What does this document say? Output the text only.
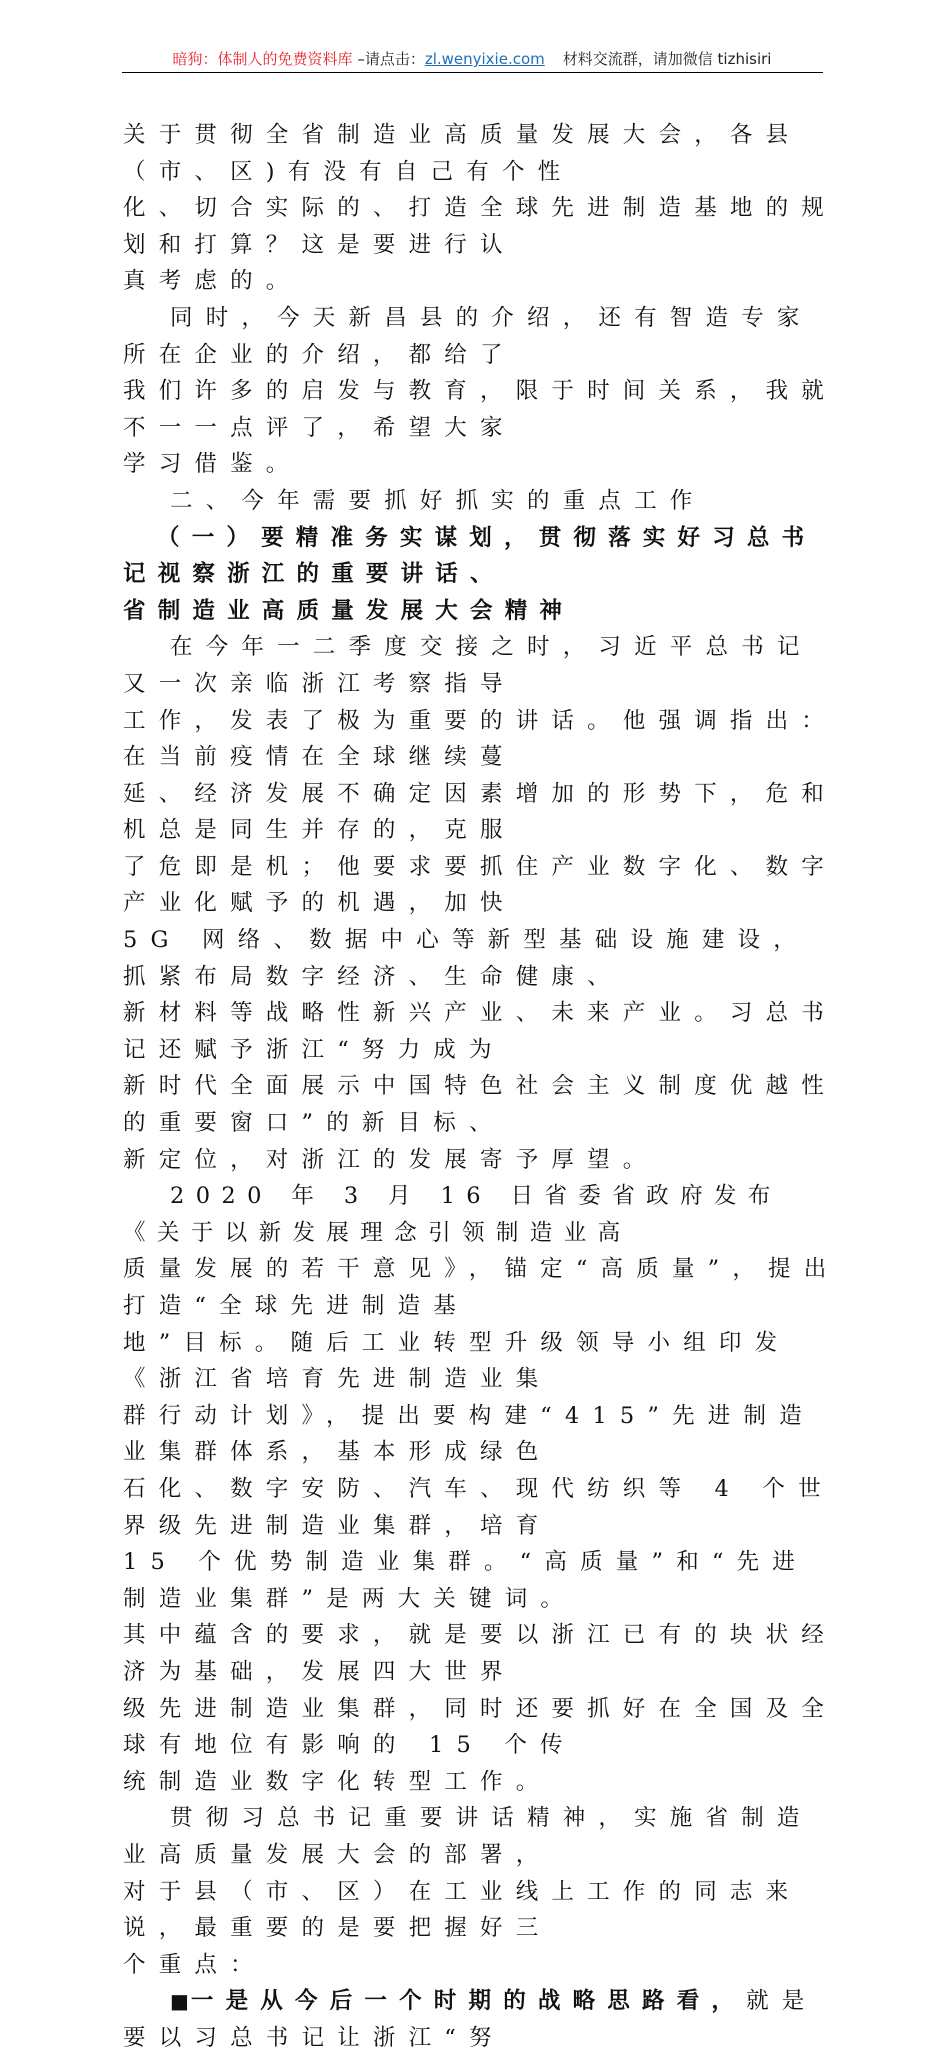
暗狗：体制人的免费资料库 –请点击：zl.wenyixie.com 材料交流群，请加微信 tizhisiri
关于贯彻全省制造业高质量发展大会，各县（市、区)有没有自己有个性
化、切合实际的、打造全球先进制造基地的规划和打算？这是要进行认
真考虑的。
同时，今天新昌县的介绍，还有智造专家所在企业的介绍，都给了
我们许多的启发与教育，限于时间关系，我就不一一点评了，希望大家
学习借鉴。
二、今年需要抓好抓实的重点工作
（一）要精准务实谋划，贯彻落实好习总书记视察浙江的重要讲话、
省制造业高质量发展大会精神
在今年一二季度交接之时，习近平总书记又一次亲临浙江考察指导
工作，发表了极为重要的讲话。他强调指出：在当前疫情在全球继续蔓
延、经济发展不确定因素增加的形势下，危和机总是同生并存的，克服
了危即是机；他要求要抓住产业数字化、数字产业化赋予的机遇，加快
5G 网络、数据中心等新型基础设施建设，抓紧布局数字经济、生命健康、
新材料等战略性新兴产业、未来产业。习总书记还赋予浙江“努力成为
新时代全面展示中国特色社会主义制度优越性的重要窗口”的新目标、
新定位，对浙江的发展寄予厚望。
2020 年 3 月 16 日省委省政府发布《关于以新发展理念引领制造业高
质量发展的若干意见》，锚定“高质量”，提出打造“全球先进制造基
地”目标。随后工业转型升级领导小组印发《浙江省培育先进制造业集
群行动计划》，提出要构建“415”先进制造业集群体系，基本形成绿色
石化、数字安防、汽车、现代纺织等 4 个世界级先进制造业集群，培育
15 个优势制造业集群。“高质量”和“先进制造业集群”是两大关键词。
其中蕴含的要求，就是要以浙江已有的块状经济为基础，发展四大世界
级先进制造业集群，同时还要抓好在全国及全球有地位有影响的 15 个传
统制造业数字化转型工作。
贯彻习总书记重要讲话精神，实施省制造业高质量发展大会的部署，
对于县（市、区）在工业线上工作的同志来说，最重要的是要把握好三
个重点：
■一是从今后一个时期的战略思路看，就是要以习总书记让浙江“努
